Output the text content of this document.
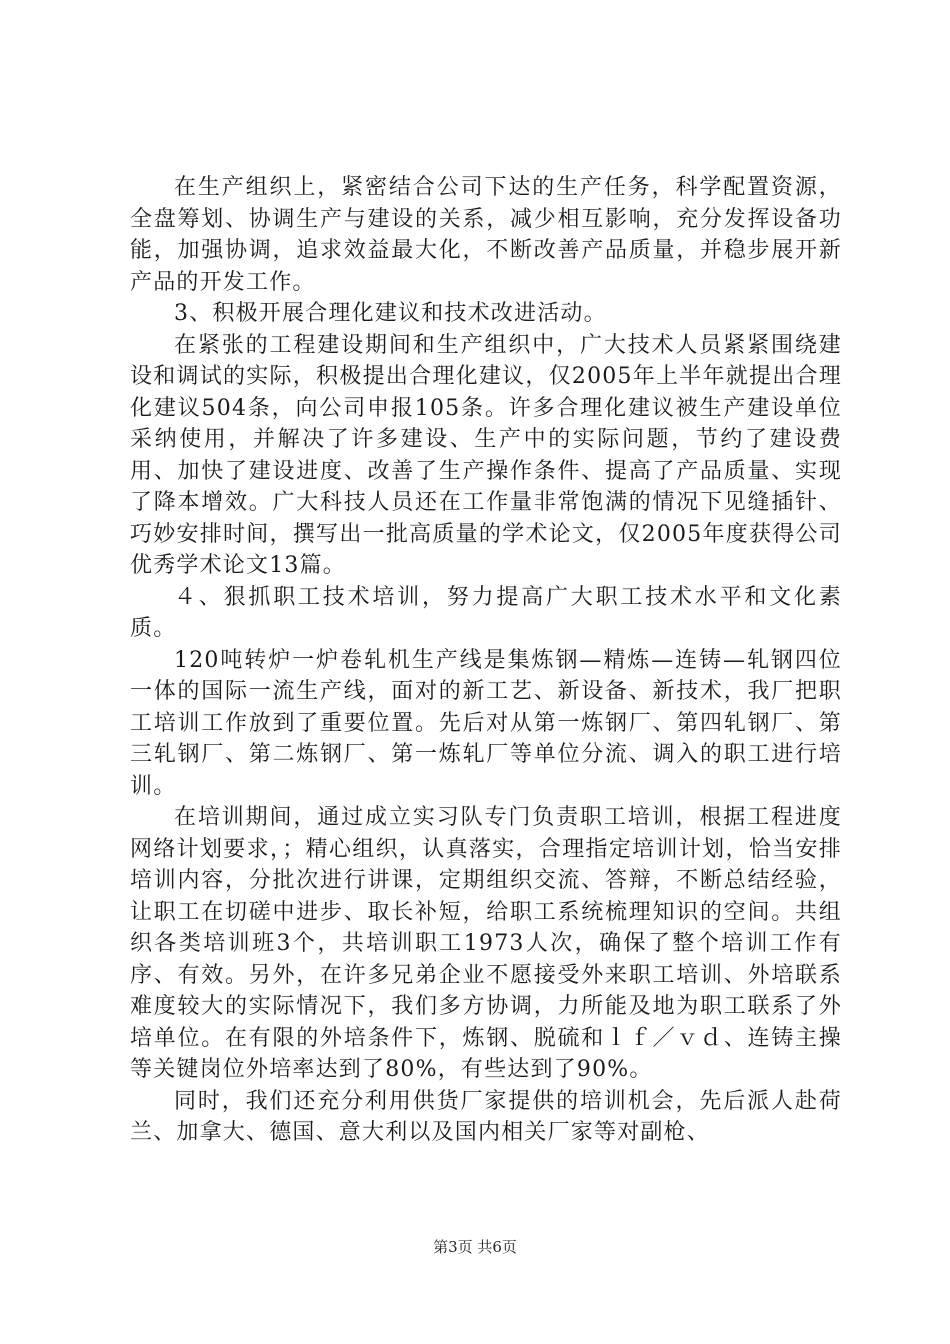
在生产组织上，紧密结合公司下达的生产任务，科学配置资源，全盘筹划、协调生产与建设的关系，减少相互影响，充分发挥设备功能，加强协调，追求效益最大化，不断改善产品质量，并稳步展开新产品的开发工作。

3、积极开展合理化建议和技术改进活动。

在紧张的工程建设期间和生产组织中，广大技术人员紧紧围绕建设和调试的实际，积极提出合理化建议，仅2005年上半年就提出合理化建议504条，向公司申报105条。许多合理化建议被生产建设单位采纳使用，并解决了许多建设、生产中的实际问题，节约了建设费用、加快了建设进度、改善了生产操作条件、提高了产品质量、实现了降本增效。广大科技人员还在工作量非常饱满的情况下见缝插针、巧妙安排时间，撰写出一批高质量的学术论文，仅2005年度获得公司优秀学术论文13篇。

４、狠抓职工技术培训，努力提高广大职工技术水平和文化素质。

120吨转炉一炉卷轧机生产线是集炼钢—精炼—连铸—轧钢四位一体的国际一流生产线，面对的新工艺、新设备、新技术，我厂把职工培训工作放到了重要位置。先后对从第一炼钢厂、第四轧钢厂、第三轧钢厂、第二炼钢厂、第一炼轧厂等单位分流、调入的职工进行培训。

在培训期间，通过成立实习队专门负责职工培训，根据工程进度网络计划要求，；精心组织，认真落实，合理指定培训计划，恰当安排培训内容，分批次进行讲课，定期组织交流、答辩，不断总结经验，让职工在切磋中进步、取长补短，给职工系统梳理知识的空间。共组织各类培训班3个，共培训职工1973人次，确保了整个培训工作有序、有效。另外，在许多兄弟企业不愿接受外来职工培训、外培联系难度较大的实际情况下，我们多方协调，力所能及地为职工联系了外培单位。在有限的外培条件下，炼钢、脱硫和ｌｆ／ｖｄ、连铸主操等关键岗位外培率达到了80%，有些达到了90%。

同时，我们还充分利用供货厂家提供的培训机会，先后派人赴荷兰、加拿大、德国、意大利以及国内相关厂家等对副枪、

第3页 共6页
